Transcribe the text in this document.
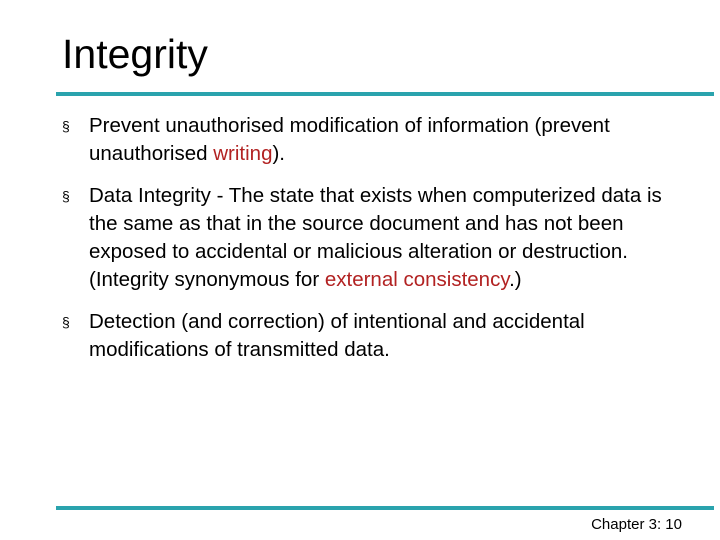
Integrity
§ Prevent unauthorised modification of information (prevent unauthorised writing).
§ Data Integrity - The state that exists when computerized data is the same as that in the source document and has not been exposed to accidental or malicious alteration or destruction. (Integrity synonymous for external consistency.)
§ Detection (and correction) of intentional and accidental modifications of transmitted data.
Chapter 3: 10
